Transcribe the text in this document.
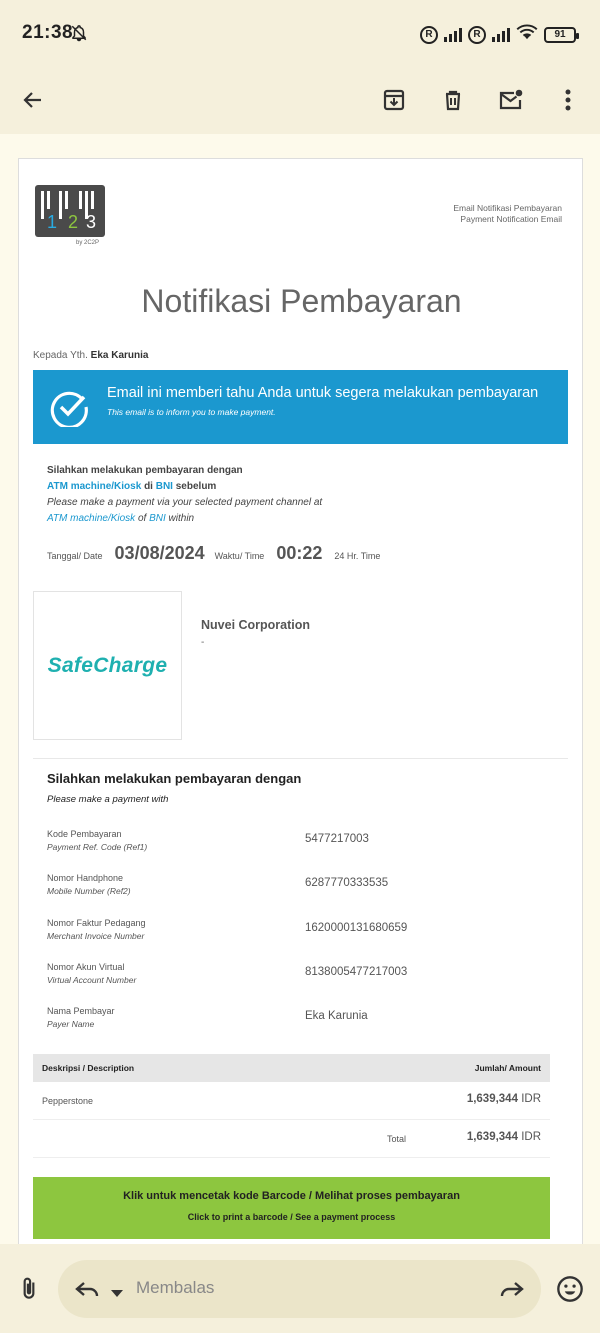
21:38	R	R	91
1 2 3
by 2C2P
Email Notifikasi Pembayaran
Payment Notification Email
Notifikasi Pembayaran
Kepada Yth. Eka Karunia
Email ini memberi tahu Anda untuk segera melakukan pembayaran
This email is to inform you to make payment.
Silahkan melakukan pembayaran dengan
ATM machine/Kiosk di BNI sebelum
Please make a payment via your selected payment channel at
ATM machine/Kiosk of BNI within
Tanggal/ Date 03/08/2024 Waktu/ Time 00:22 24 Hr. Time
SafeCharge
Nuvei Corporation
-
Silahkan melakukan pembayaran dengan
Please make a payment with
Kode Pembayaran
Payment Ref. Code (Ref1)
5477217003
Nomor Handphone
Mobile Number (Ref2)
6287770333535
Nomor Faktur Pedagang
Merchant Invoice Number
1620000131680659
Nomor Akun Virtual
Virtual Account Number
8138005477217003
Nama Pembayar
Payer Name
Eka Karunia
Deskripsi / Description	Jumlah/ Amount
Pepperstone	1,639,344 IDR
Total	1,639,344 IDR
Klik untuk mencetak kode Barcode / Melihat proses pembayaran
Click to print a barcode / See a payment process
Membalas
